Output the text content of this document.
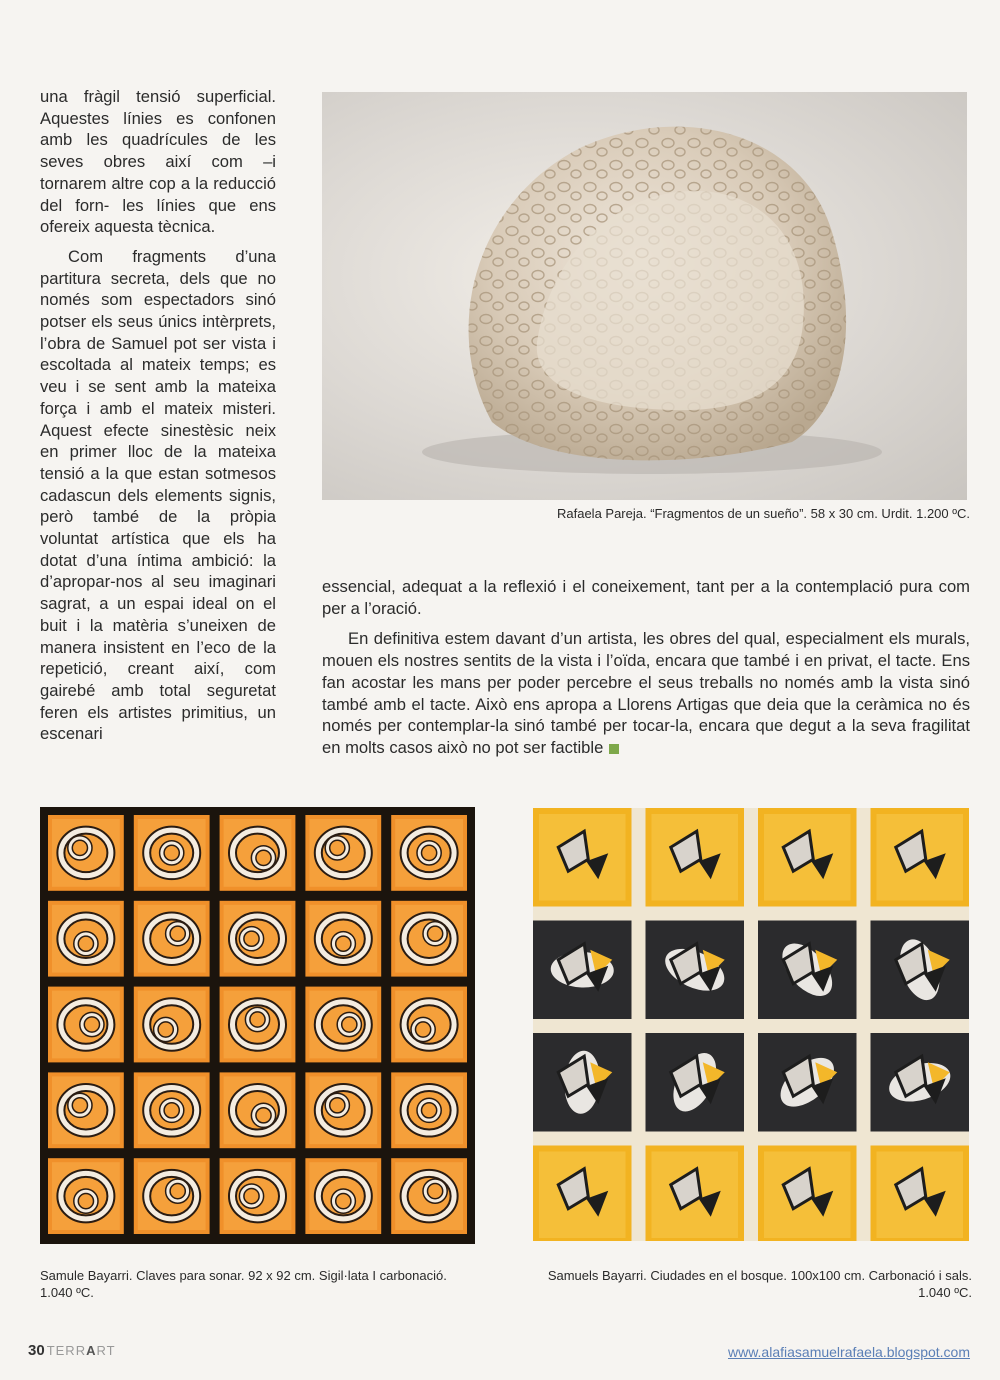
una fràgil tensió superficial. Aquestes línies es confonen amb les quadrícules de les seves obres així com –i tornarem altre cop a la reducció del forn- les línies que ens ofereix aquesta tècnica.

Com fragments d’una partitura secreta, dels que no només som espectadors sinó potser els seus únics intèrprets, l’obra de Samuel pot ser vista i escoltada al mateix temps; es veu i se sent amb la mateixa força i amb el mateix misteri. Aquest efecte sinestèsic neix en primer lloc de la mateixa tensió a la que estan sotmesos cadascun dels elements signis, però també de la pròpia voluntat artística que els ha dotat d’una íntima ambició: la d’apropar-nos al seu imaginari sagrat, a un espai ideal on el buit i la matèria s’uneixen de manera insistent en l’eco de la repetició, creant així, com gairebé amb total seguretat feren els artistes primitius, un escenari

Rafaela Pareja. “Fragmentos de un sueño”. 58 x 30 cm. Urdit. 1.200 ºC.

essencial, adequat a la reflexió i el coneixement, tant per a la contemplació pura com per a l’oració.

En definitiva estem davant d’un artista, les obres del qual, especialment els murals, mouen els nostres sentits de la vista i l’oïda, encara que també i en privat, el tacte. Ens fan acostar les mans per poder percebre el seus treballs no només amb la vista sinó també amb el tacte. Això ens apropa a Llorens Artigas que deia que la ceràmica no és només per contemplar-la sinó també per tocar-la, encara que degut a la seva fragilitat en molts casos això no pot ser factible

Samule Bayarri. Claves para sonar. 92 x 92 cm. Sigil·lata I carbonació.
1.040 ºC.
Samuels Bayarri. Ciudades en el bosque. 100x100 cm. Carbonació i sals.
1.040 ºC.
30 TERRART	www.alafiasamuelrafaela.blogspot.com
